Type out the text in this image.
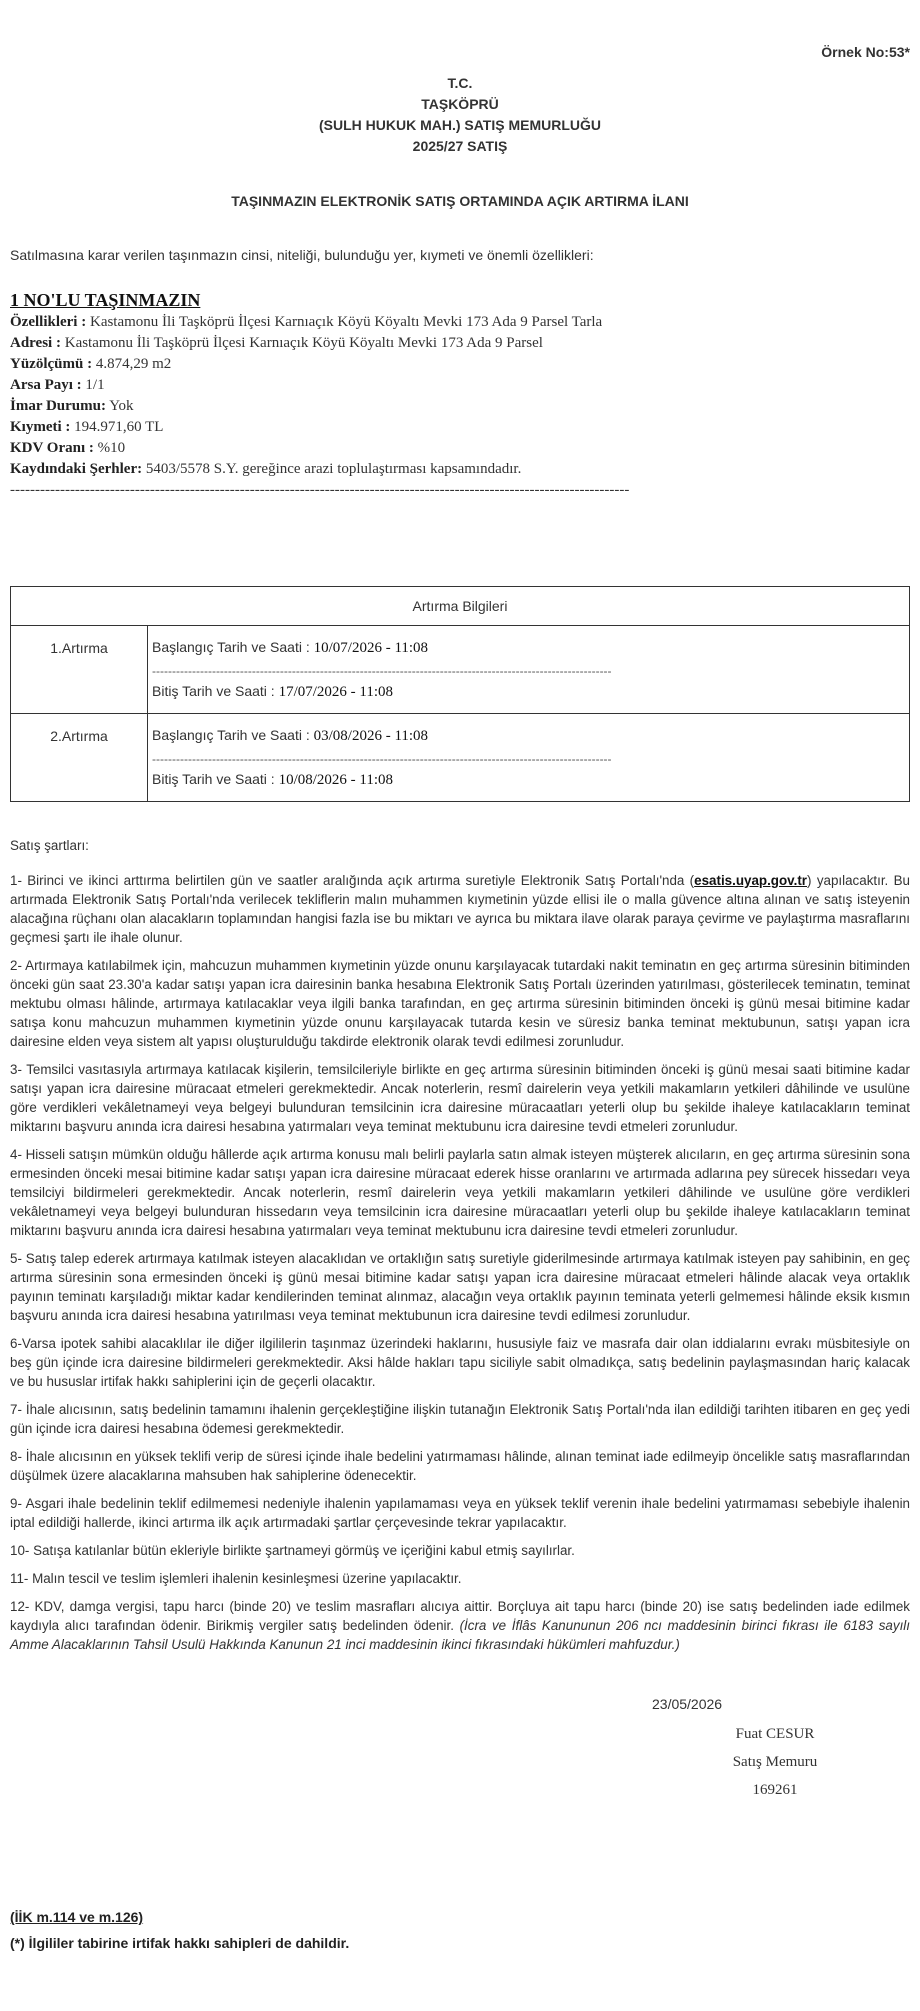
Örnek No:53*
T.C.
TAŞKÖPRÜ
(SULH HUKUK MAH.) SATIŞ MEMURLUĞU
2025/27 SATIŞ
TAŞINMAZIN ELEKTRONİK SATIŞ ORTAMINDA AÇIK ARTIRMA İLANI
Satılmasına karar verilen taşınmazın cinsi, niteliği, bulunduğu yer, kıymeti ve önemli özellikleri:
1 NO'LU TAŞINMAZIN
Özellikleri : Kastamonu İli Taşköprü İlçesi Karnıaçık Köyü Köyaltı Mevki 173 Ada 9 Parsel Tarla
Adresi : Kastamonu İli Taşköprü İlçesi Karnıaçık Köyü Köyaltı Mevki 173 Ada 9 Parsel
Yüzölçümü : 4.874,29 m2
Arsa Payı : 1/1
İmar Durumu: Yok
Kıymeti : 194.971,60 TL
KDV Oranı : %10
Kaydındaki Şerhler: 5403/5578 S.Y. gereğince arazi toplulaştırması kapsamındadır.
----------------------------------------------------------------------------------------------------------------------------
Artırma Bilgileri	
1.Artırma	Başlangıç Tarih ve Saati : 10/07/2026 - 11:08
-------------------------------------------------------------------------------------------------------------------
Bitiş Tarih ve Saati : 17/07/2026 - 11:08

2.Artırma	Başlangıç Tarih ve Saati : 03/08/2026 - 11:08
-------------------------------------------------------------------------------------------------------------------
Bitiş Tarih ve Saati : 10/08/2026 - 11:08

Satış şartları:

1- Birinci ve ikinci arttırma belirtilen gün ve saatler aralığında açık artırma suretiyle Elektronik Satış Portalı'nda (esatis.uyap.gov.tr) yapılacaktır. Bu artırmada Elektronik Satış Portalı'nda verilecek tekliflerin malın muhammen kıymetinin yüzde ellisi ile o malla güvence altına alınan ve satış isteyenin alacağına rüçhanı olan alacakların toplamından hangisi fazla ise bu miktarı ve ayrıca bu miktara ilave olarak paraya çevirme ve paylaştırma masraflarını geçmesi şartı ile ihale olunur.

2- Artırmaya katılabilmek için, mahcuzun muhammen kıymetinin yüzde onunu karşılayacak tutardaki nakit teminatın en geç artırma süresinin bitiminden önceki gün saat 23.30'a kadar satışı yapan icra dairesinin banka hesabına Elektronik Satış Portalı üzerinden yatırılması, gösterilecek teminatın, teminat mektubu olması hâlinde, artırmaya katılacaklar veya ilgili banka tarafından, en geç artırma süresinin bitiminden önceki iş günü mesai bitimine kadar satışa konu mahcuzun muhammen kıymetinin yüzde onunu karşılayacak tutarda kesin ve süresiz banka teminat mektubunun, satışı yapan icra dairesine elden veya sistem alt yapısı oluşturulduğu takdirde elektronik olarak tevdi edilmesi zorunludur.

3- Temsilci vasıtasıyla artırmaya katılacak kişilerin, temsilcileriyle birlikte en geç artırma süresinin bitiminden önceki iş günü mesai saati bitimine kadar satışı yapan icra dairesine müracaat etmeleri gerekmektedir. Ancak noterlerin, resmî dairelerin veya yetkili makamların yetkileri dâhilinde ve usulüne göre verdikleri vekâletnameyi veya belgeyi bulunduran temsilcinin icra dairesine müracaatları yeterli olup bu şekilde ihaleye katılacakların teminat miktarını başvuru anında icra dairesi hesabına yatırmaları veya teminat mektubunu icra dairesine tevdi etmeleri zorunludur.

4- Hisseli satışın mümkün olduğu hâllerde açık artırma konusu malı belirli paylarla satın almak isteyen müşterek alıcıların, en geç artırma süresinin sona ermesinden önceki mesai bitimine kadar satışı yapan icra dairesine müracaat ederek hisse oranlarını ve artırmada adlarına pey sürecek hissedarı veya temsilciyi bildirmeleri gerekmektedir. Ancak noterlerin, resmî dairelerin veya yetkili makamların yetkileri dâhilinde ve usulüne göre verdikleri vekâletnameyi veya belgeyi bulunduran hissedarın veya temsilcinin icra dairesine müracaatları yeterli olup bu şekilde ihaleye katılacakların teminat miktarını başvuru anında icra dairesi hesabına yatırmaları veya teminat mektubunu icra dairesine tevdi etmeleri zorunludur.

5- Satış talep ederek artırmaya katılmak isteyen alacaklıdan ve ortaklığın satış suretiyle giderilmesinde artırmaya katılmak isteyen pay sahibinin, en geç artırma süresinin sona ermesinden önceki iş günü mesai bitimine kadar satışı yapan icra dairesine müracaat etmeleri hâlinde alacak veya ortaklık payının teminatı karşıladığı miktar kadar kendilerinden teminat alınmaz, alacağın veya ortaklık payının teminata yeterli gelmemesi hâlinde eksik kısmın başvuru anında icra dairesi hesabına yatırılması veya teminat mektubunun icra dairesine tevdi edilmesi zorunludur.

6-Varsa ipotek sahibi alacaklılar ile diğer ilgililerin taşınmaz üzerindeki haklarını, hususiyle faiz ve masrafa dair olan iddialarını evrakı müsbitesiyle on beş gün içinde icra dairesine bildirmeleri gerekmektedir. Aksi hâlde hakları tapu siciliyle sabit olmadıkça, satış bedelinin paylaşmasından hariç kalacak ve bu hususlar irtifak hakkı sahiplerini için de geçerli olacaktır.

7- İhale alıcısının, satış bedelinin tamamını ihalenin gerçekleştiğine ilişkin tutanağın Elektronik Satış Portalı'nda ilan edildiği tarihten itibaren en geç yedi gün içinde icra dairesi hesabına ödemesi gerekmektedir.

8- İhale alıcısının en yüksek teklifi verip de süresi içinde ihale bedelini yatırmaması hâlinde, alınan teminat iade edilmeyip öncelikle satış masraflarından düşülmek üzere alacaklarına mahsuben hak sahiplerine ödenecektir.

9- Asgari ihale bedelinin teklif edilmemesi nedeniyle ihalenin yapılamaması veya en yüksek teklif verenin ihale bedelini yatırmaması sebebiyle ihalenin iptal edildiği hallerde, ikinci artırma ilk açık artırmadaki şartlar çerçevesinde tekrar yapılacaktır.

10- Satışa katılanlar bütün ekleriyle birlikte şartnameyi görmüş ve içeriğini kabul etmiş sayılırlar.

11- Malın tescil ve teslim işlemleri ihalenin kesinleşmesi üzerine yapılacaktır.

12- KDV, damga vergisi, tapu harcı (binde 20) ve teslim masrafları alıcıya aittir. Borçluya ait tapu harcı (binde 20) ise satış bedelinden iade edilmek kaydıyla alıcı tarafından ödenir. Birikmiş vergiler satış bedelinden ödenir. (İcra ve İflâs Kanununun 206 ncı maddesinin birinci fıkrası ile 6183 sayılı Amme Alacaklarının Tahsil Usulü Hakkında Kanunun 21 inci maddesinin ikinci fıkrasındaki hükümleri mahfuzdur.)

23/05/2026
Fuat CESUR
Satış Memuru
169261
(İİK m.114 ve m.126)
(*) İlgililer tabirine irtifak hakkı sahipleri de dahildir.
